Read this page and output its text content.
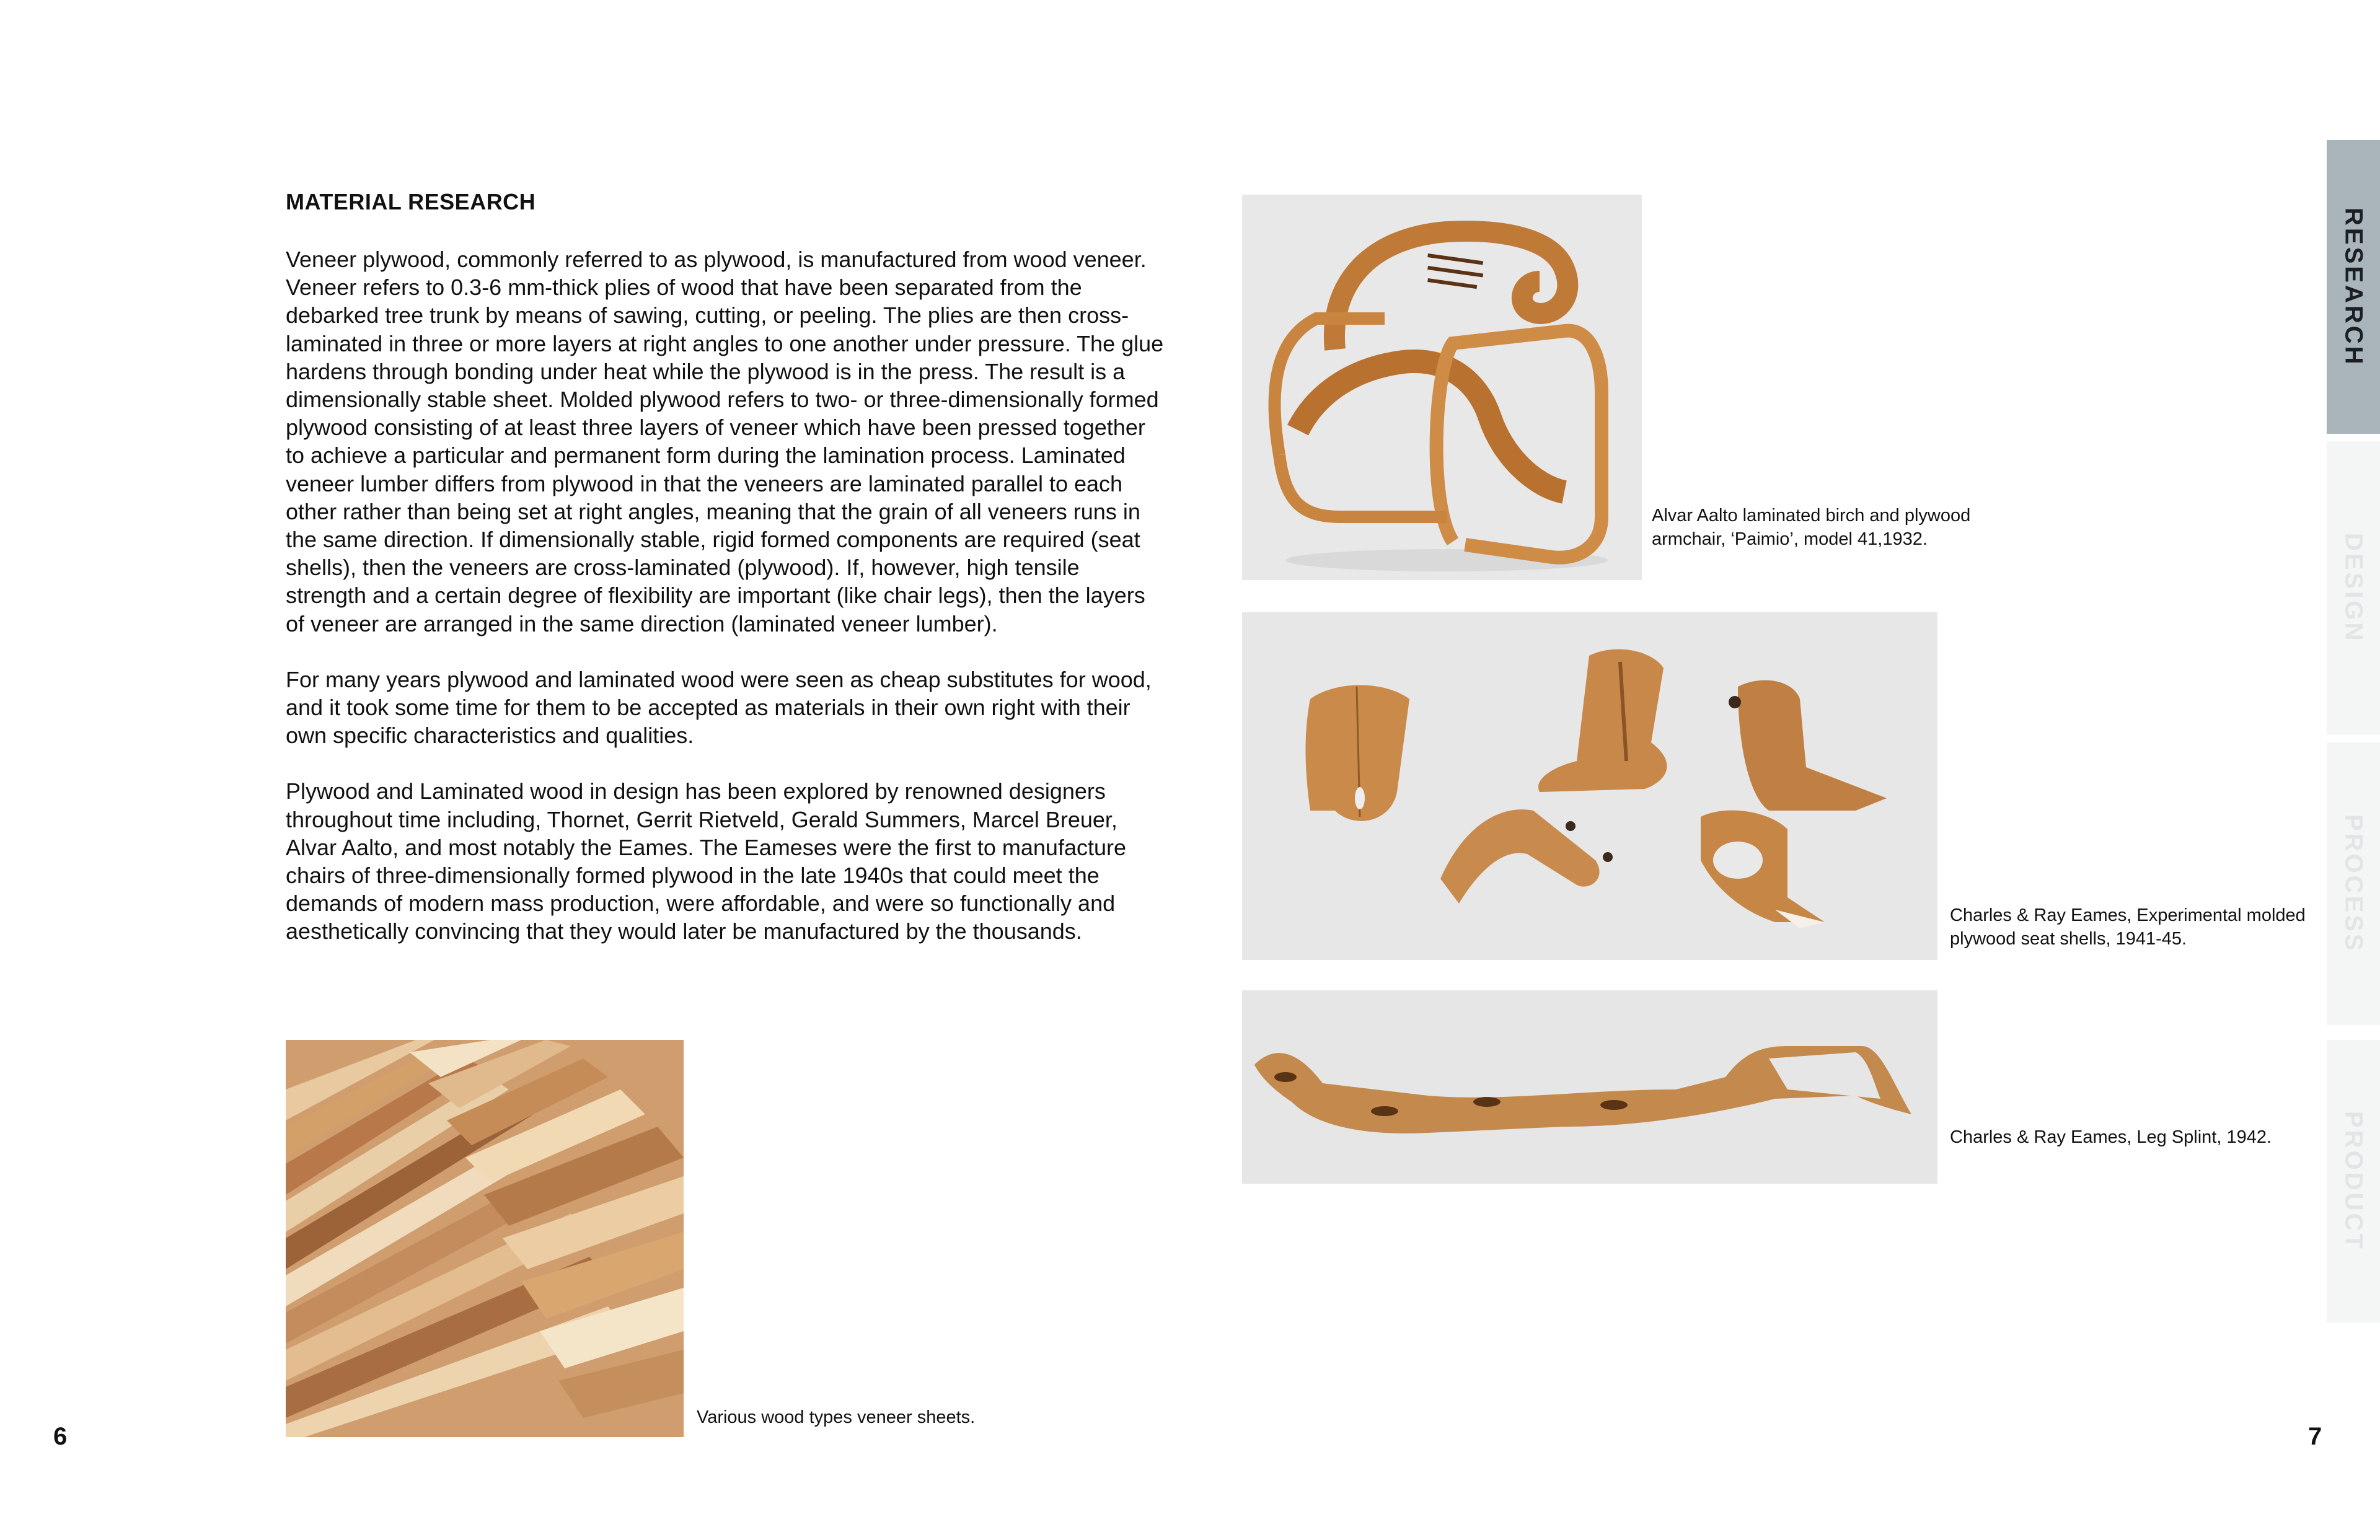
6	7
MATERIAL RESEARCH

Veneer plywood, commonly referred to as plywood, is manufactured from wood veneer. Veneer refers to 0.3-6 mm-thick plies of wood that have been separated from the debarked tree trunk by means of sawing, cutting, or peeling. The plies are then cross-laminated in three or more layers at right angles to one another under pressure. The glue hardens through bonding under heat while the plywood is in the press. The result is a dimensionally stable sheet. Molded plywood refers to two- or three-dimensionally formed plywood consisting of at least three layers of veneer which have been pressed together to achieve a particular and permanent form during the lamination process. Laminated veneer lumber differs from plywood in that the veneers are laminated parallel to each other rather than being set at right angles, meaning that the grain of all veneers runs in the same direction. If dimensionally stable, rigid formed components are required (seat shells), then the veneers are cross-laminated (plywood). If, however, high tensile strength and a certain degree of flexibility are important (like chair legs), then the layers of veneer are arranged in the same direction (laminated veneer lumber).

For many years plywood and laminated wood were seen as cheap substitutes for wood, and it took some time for them to be accepted as materials in their own right with their own specific characteristics and qualities.

Plywood and Laminated wood in design has been explored by renowned designers throughout time including, Thornet, Gerrit Rietveld, Gerald Summers, Marcel Breuer, Alvar Aalto, and most notably the Eames. The Eameses were the first to manufacture chairs of three-dimensionally formed plywood in the late 1940s that could meet the demands of modern mass production, were affordable, and were so functionally and aesthetically convincing that they would later be manufactured by the thousands.

Various wood types veneer sheets.
Alvar Aalto laminated birch and plywood armchair, ‘Paimio’, model 41,1932.
Charles & Ray Eames, Experimental molded plywood seat shells, 1941-45.
Charles & Ray Eames, Leg Splint, 1942.
RESEARCH
DESIGN
PROCESS
PRODUCT
